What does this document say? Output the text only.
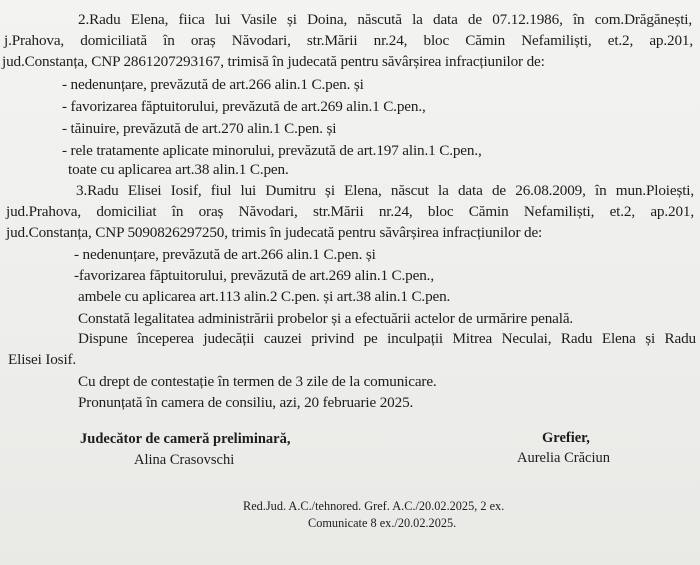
2.Radu Elena, fiica lui Vasile și Doina, născută la data de 07.12.1986, în com.Drăgănești,
j.Prahova, domiciliată în oraș Năvodari, str.Mării nr.24, bloc Cămin Nefamiliști, et.2, ap.201,
jud.Constanța, CNP 2861207293167, trimisă în judecată pentru săvârșirea infracțiunilor de:
- nedenunțare, prevăzută de art.266 alin.1 C.pen. și
- favorizarea făptuitorului, prevăzută de art.269 alin.1 C.pen.,
- tăinuire, prevăzută de art.270 alin.1 C.pen. și
- rele tratamente aplicate minorului, prevăzută de art.197 alin.1 C.pen.,
toate cu aplicarea art.38 alin.1 C.pen.
3.Radu Elisei Iosif, fiul lui Dumitru și Elena, născut la data de 26.08.2009, în mun.Ploiești,
jud.Prahova, domiciliat în oraș Năvodari, str.Mării nr.24, bloc Cămin Nefamiliști, et.2, ap.201,
jud.Constanța, CNP 5090826297250, trimis în judecată pentru săvârșirea infracțiunilor de:
- nedenunțare, prevăzută de art.266 alin.1 C.pen. și
-favorizarea făptuitorului, prevăzută de art.269 alin.1 C.pen.,
ambele cu aplicarea art.113 alin.2 C.pen. și art.38 alin.1 C.pen.
Constată legalitatea administrării probelor și a efectuării actelor de urmărire penală.
Dispune începerea judecății cauzei privind pe inculpații Mitrea Neculai, Radu Elena și Radu
Elisei Iosif.
Cu drept de contestație în termen de 3 zile de la comunicare.
Pronunțată în camera de consiliu, azi, 20 februarie 2025.
Judecător de cameră preliminară,
Alina Crasovschi
Grefier,
Aurelia Crăciun
Red.Jud. A.C./tehnored. Gref. A.C./20.02.2025, 2 ex.
Comunicate 8 ex./20.02.2025.
